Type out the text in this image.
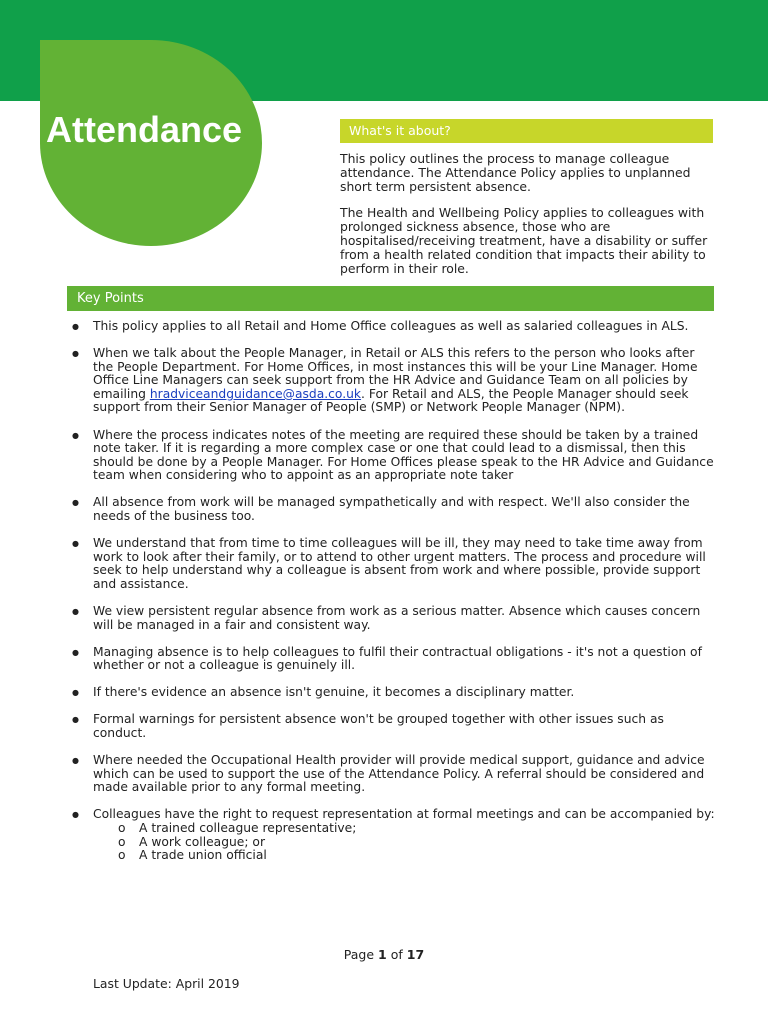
Attendance	What's it about?

This policy outlines the process to manage colleague attendance. The Attendance Policy applies to unplanned short term persistent absence.

The Health and Wellbeing Policy applies to colleagues with prolonged sickness absence, those who are hospitalised/receiving treatment, have a disability or suffer from a health related condition that impacts their ability to perform in their role.

Key Points
● This policy applies to all Retail and Home Office colleagues as well as salaried colleagues in ALS.
● When we talk about the People Manager, in Retail or ALS this refers to the person who looks after the People Department. For Home Offices, in most instances this will be your Line Manager. Home Office Line Managers can seek support from the HR Advice and Guidance Team on all policies by emailing hradviceandguidance@asda.co.uk. For Retail and ALS, the People Manager should seek support from their Senior Manager of People (SMP) or Network People Manager (NPM).
● Where the process indicates notes of the meeting are required these should be taken by a trained note taker. If it is regarding a more complex case or one that could lead to a dismissal, then this should be done by a People Manager. For Home Offices please speak to the HR Advice and Guidance team when considering who to appoint as an appropriate note taker
● All absence from work will be managed sympathetically and with respect. We'll also consider the needs of the business too.
● We understand that from time to time colleagues will be ill, they may need to take time away from work to look after their family, or to attend to other urgent matters. The process and procedure will seek to help understand why a colleague is absent from work and where possible, provide support and assistance.
● We view persistent regular absence from work as a serious matter. Absence which causes concern will be managed in a fair and consistent way.
● Managing absence is to help colleagues to fulfil their contractual obligations - it's not a question of whether or not a colleague is genuinely ill.
● If there's evidence an absence isn't genuine, it becomes a disciplinary matter.
● Formal warnings for persistent absence won't be grouped together with other issues such as conduct.
● Where needed the Occupational Health provider will provide medical support, guidance and advice which can be used to support the use of the Attendance Policy. A referral should be considered and made available prior to any formal meeting.
● Colleagues have the right to request representation at formal meetings and can be accompanied by:
o A trained colleague representative;
o A work colleague; or
o A trade union official
Page 1 of 17
Last Update: April 2019
